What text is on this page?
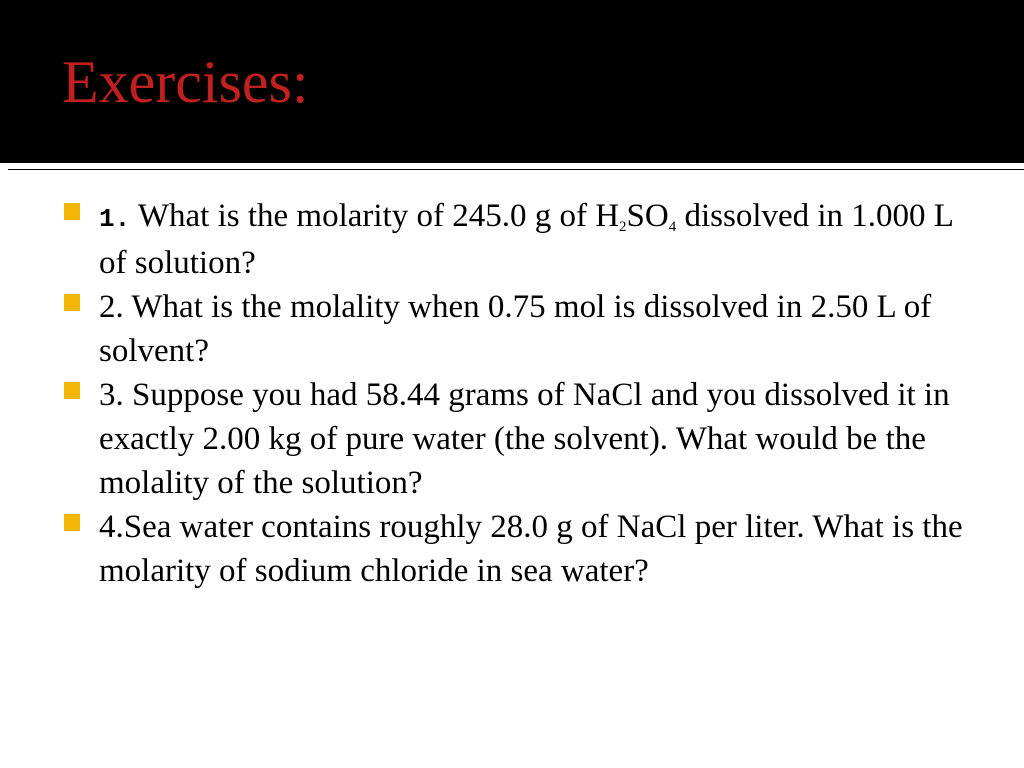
Exercises:
1. What is the molarity of 245.0 g of $H_2SO_4$ dissolved in 1.000 L of solution?
2. What is the molality when 0.75 mol is dissolved in 2.50 L of solvent?
3. Suppose you had 58.44 grams of NaCl and you dissolved it in exactly 2.00 kg of pure water (the solvent). What would be the molality of the solution?
4.Sea water contains roughly 28.0 g of NaCl per liter. What is the molarity of sodium chloride in sea water?
